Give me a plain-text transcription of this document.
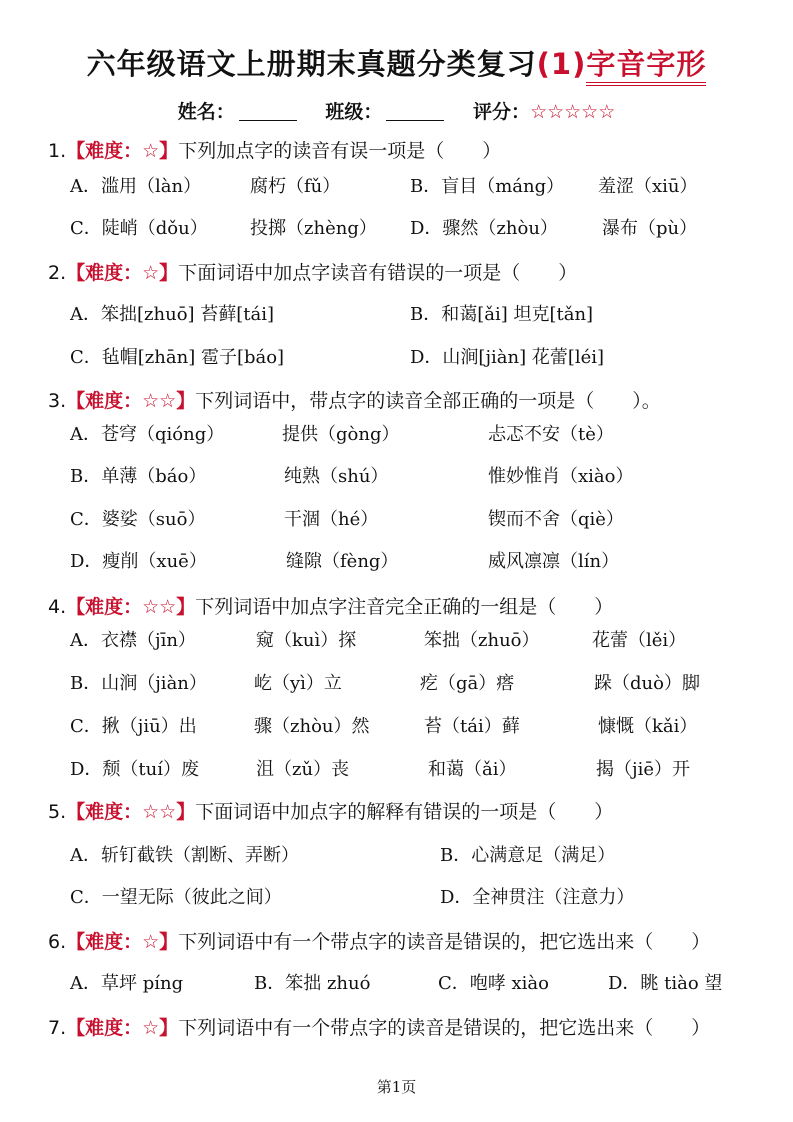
六年级语文上册期末真题分类复习(1)字音字形
姓名：	班级：	评分：☆☆☆☆☆
1.【难度：☆】下列加点字的读音有误一项是（　　）
A．滥用（làn）	腐朽（fǔ）	B．盲目（máng） 羞涩（xiū）
C．陡峭（dǒu） 投掷（zhèng） D．骤然（zhòu） 瀑布（pù）
2.【难度：☆】下面词语中加点字读音有错误的一项是（　　）
A．笨拙[zhuō] 苔藓[tái]	B．和蔼[ǎi] 坦克[tǎn]
C．毡帽[zhān] 雹子[báo]	D．山涧[jiàn] 花蕾[léi]
3.【难度：☆☆】下列词语中，带点字的读音全部正确的一项是（　　）。
A．苍穹（qióng）	提供（gòng）	忐忑不安（tè）
B．单薄（báo）	纯熟（shú）	惟妙惟肖（xiào）
C．婆娑（suō）	干涸（hé）	锲而不舍（qiè）
D．瘦削（xuē）	缝隙（fèng）	威风凛凛（lín）
4.【难度：☆☆】下列词语中加点字注音完全正确的一组是（　　）
A．衣襟（jīn）	窥（kuì）探	笨拙（zhuō）	花蕾（lěi）
B．山涧（jiàn）	屹（yì）立	疙（gā）瘩	跺（duò）脚
C．揪（jiū）出	骤（zhòu）然	苔（tái）藓	慷慨（kǎi）
D．颓（tuí）废	沮（zǔ）丧	和蔼（ǎi）	揭（jiē）开
5.【难度：☆☆】下面词语中加点字的解释有错误的一项是（　　）
A．斩钉截铁（割断、弄断）	B．心满意足（满足）
C．一望无际（彼此之间）	D．全神贯注（注意力）
6.【难度：☆】下列词语中有一个带点字的读音是错误的，把它选出来（　　）
A．草坪 píng	B．笨拙 zhuó	C．咆哮 xiào	D．眺 tiào 望
7.【难度：☆】下列词语中有一个带点字的读音是错误的，把它选出来（　　）
第1页
